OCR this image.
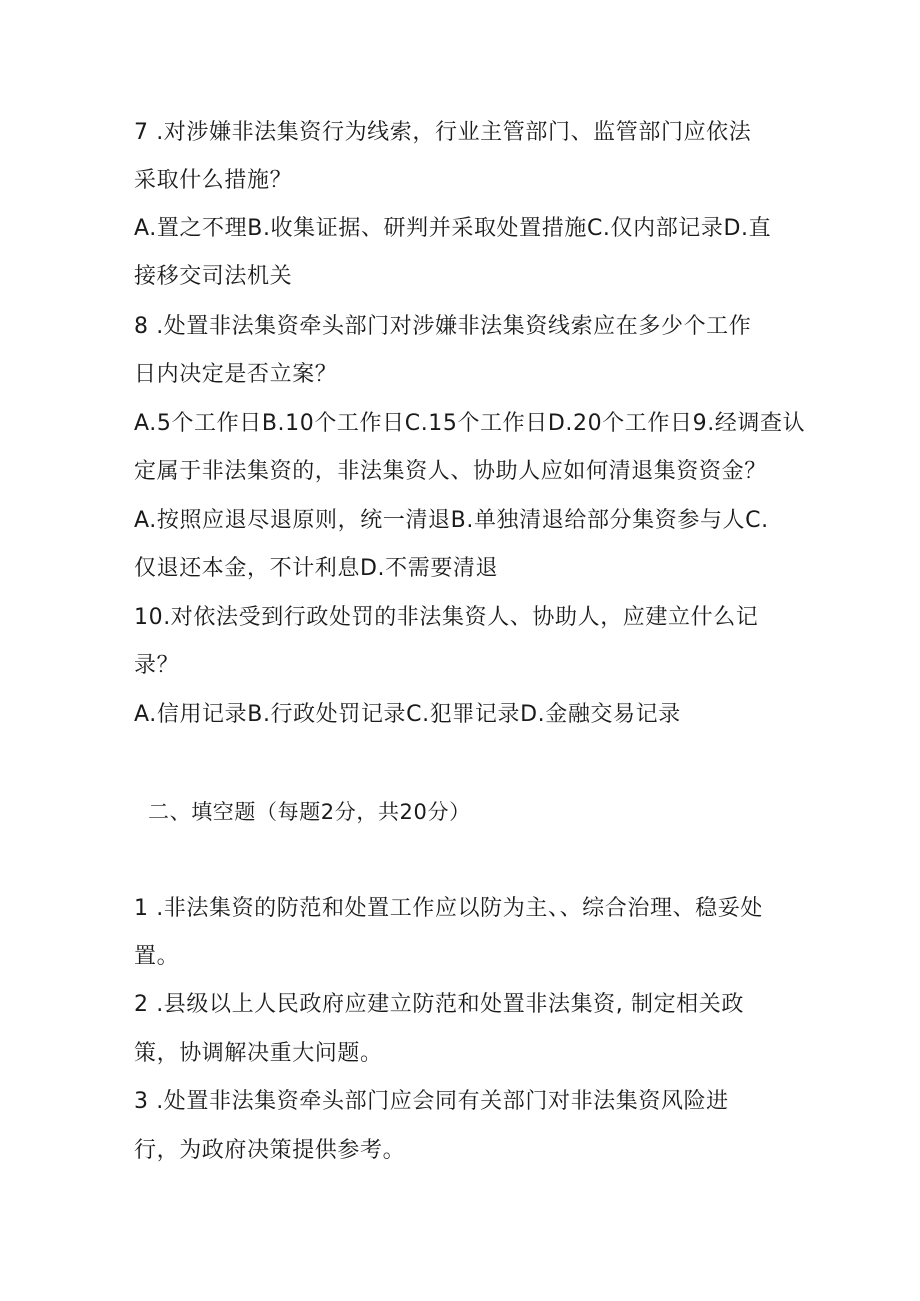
7 .对涉嫌非法集资行为线索，行业主管部门、监管部门应依法
采取什么措施？
A.置之不理B.收集证据、研判并采取处置措施C.仅内部记录D.直
接移交司法机关
8 .处置非法集资牵头部门对涉嫌非法集资线索应在多少个工作
日内决定是否立案？
A.5个工作日B.10个工作日C.15个工作日D.20个工作日9.经调查认
定属于非法集资的，非法集资人、协助人应如何清退集资资金？
A.按照应退尽退原则，统一清退B.单独清退给部分集资参与人C.
仅退还本金，不计利息D.不需要清退
10.对依法受到行政处罚的非法集资人、协助人，应建立什么记
录？
A.信用记录B.行政处罚记录C.犯罪记录D.金融交易记录
二、填空题（每题2分，共20分）
1 .非法集资的防范和处置工作应以防为主、、综合治理、稳妥处
置。
2 .县级以上人民政府应建立防范和处置非法集资, 制定相关政
策，协调解决重大问题。
3 .处置非法集资牵头部门应会同有关部门对非法集资风险进
行，为政府决策提供参考。
